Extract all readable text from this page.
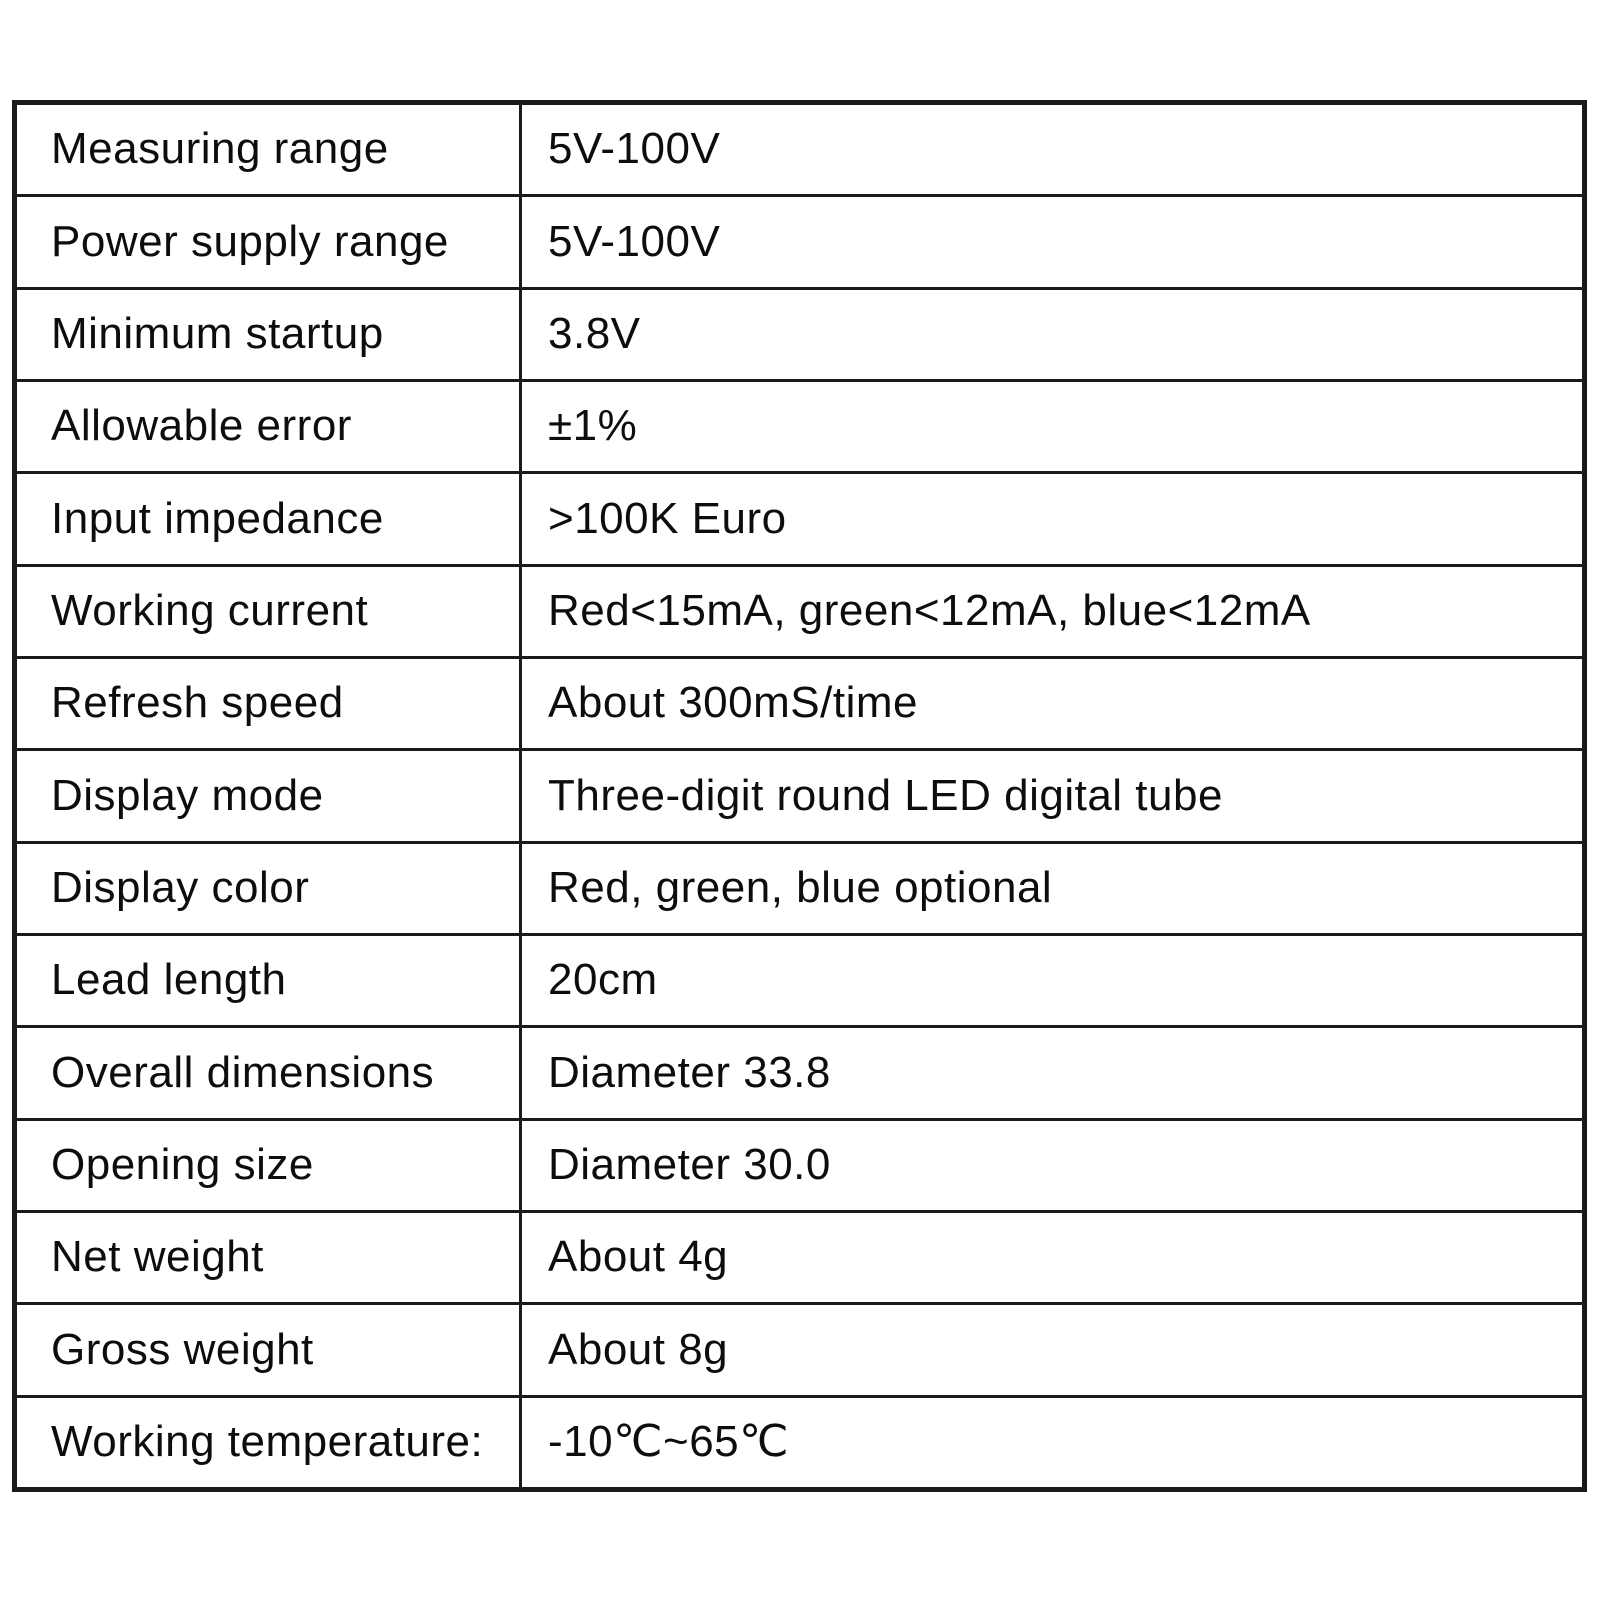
Measuring range	5V-100V
Power supply range 5V-100V
Minimum startup	3.8V
Allowable error	±1%
Input impedance	>100K Euro
Working current	Red<15mA, green<12mA, blue<12mA
Refresh speed	About 300mS/time
Display mode	Three-digit round LED digital tube
Display color	Red, green, blue optional
Lead length	20cm
Overall dimensions	Diameter 33.8
Opening size	Diameter 30.0
Net weight	About 4g
Gross weight	About 8g
Working temperature: -10℃~65℃
